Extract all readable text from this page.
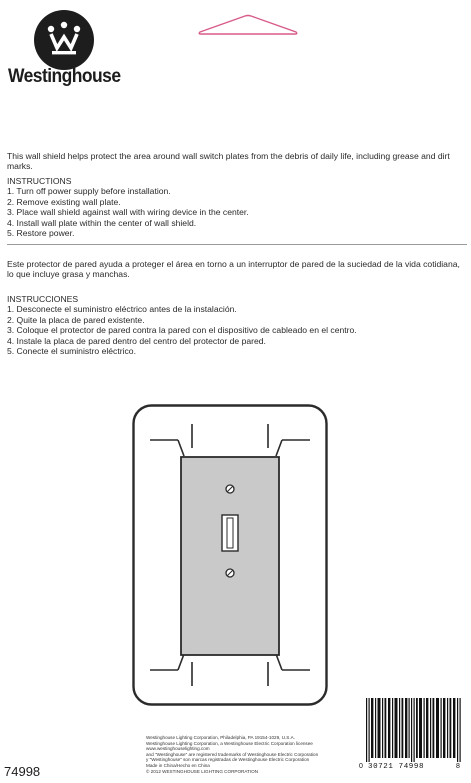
Westinghouse
This wall shield helps protect the area around wall switch plates from the debris of daily life, including grease and dirt marks.
INSTRUCTIONS
1. Turn off power supply before installation.
2. Remove existing wall plate.
3. Place wall shield against wall with wiring device in the center.
4. Install wall plate within the center of wall shield.
5. Restore power.
Este protector de pared ayuda a proteger el área en torno a un interruptor de pared de la suciedad de la vida cotidiana, lo que incluye grasa y manchas.
INSTRUCCIONES
1. Desconecte el suministro eléctrico antes de la instalación.
2. Quite la placa de pared existente.
3. Coloque el protector de pared contra la pared con el dispositivo de cableado en el centro.
4. Instale la placa de pared dentro del centro del protector de pared.
5. Conecte el suministro eléctrico.
Westinghouse Lighting Corporation, Philadelphia, PA 19154-1029, U.S.A.
Westinghouse Lighting Corporation, a Westinghouse Electric Corporation licensee
www.westinghouselighting.com
and "Westinghouse" are registered trademarks of Westinghouse Electric Corporation
y "Westinghouse" son marcas registradas de Westinghouse Electric Corporation
Made in China/Hecho en China
© 2012 WESTINGHOUSE LIGHTING CORPORATION
74998	0 30721 74998	8
